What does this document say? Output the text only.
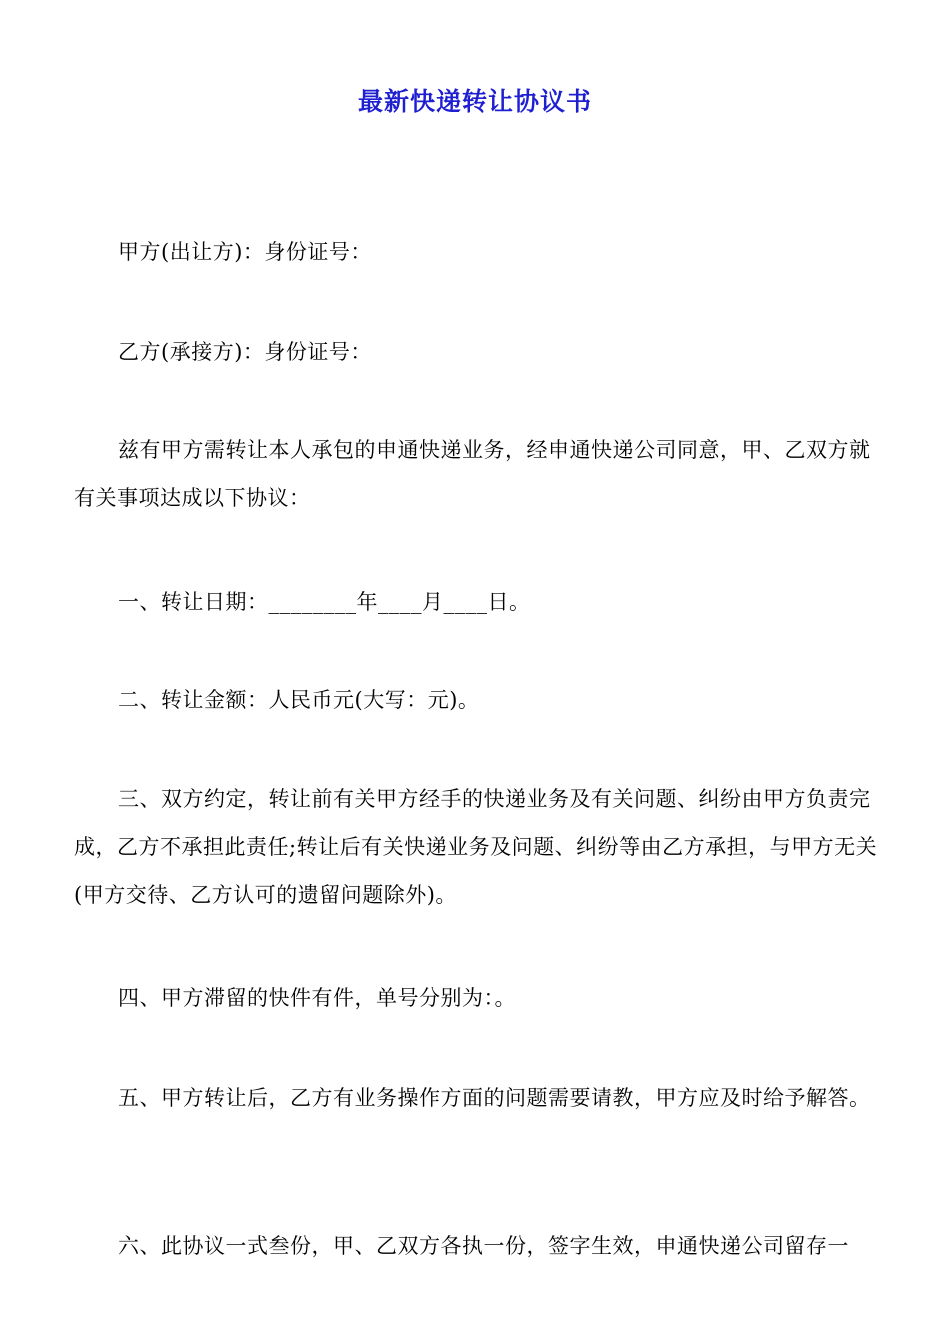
最新快递转让协议书

甲方(出让方)：身份证号：

乙方(承接方)：身份证号：

兹有甲方需转让本人承包的申通快递业务，经申通快递公司同意，甲、乙双方就有关事项达成以下协议：

一、转让日期：________年____月____日。

二、转让金额：人民币元(大写：元)。

三、双方约定，转让前有关甲方经手的快递业务及有关问题、纠纷由甲方负责完成，乙方不承担此责任;转让后有关快递业务及问题、纠纷等由乙方承担，与甲方无关(甲方交待、乙方认可的遗留问题除外)。

四、甲方滞留的快件有件，单号分别为：。

五、甲方转让后，乙方有业务操作方面的问题需要请教，甲方应及时给予解答。

六、此协议一式叁份，甲、乙双方各执一份，签字生效，申通快递公司留存一
